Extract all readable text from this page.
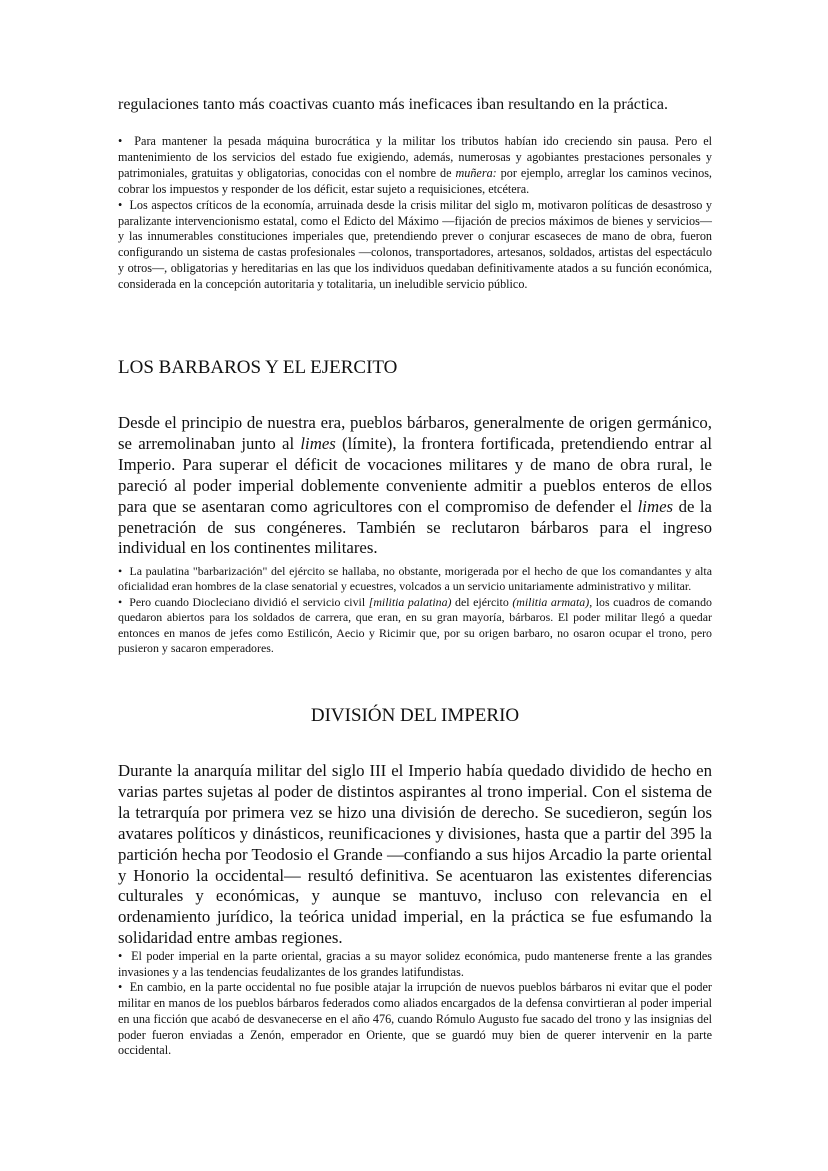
regulaciones tanto más coactivas cuanto más ineficaces iban resultando en la práctica.

• Para mantener la pesada máquina burocrática y la militar los tributos habían ido creciendo sin pausa. Pero el mantenimiento de los servicios del estado fue exigiendo, además, numerosas y agobiantes prestaciones personales y patrimoniales, gratuitas y obligatorias, conocidas con el nombre de muñera: por ejemplo, arreglar los caminos vecinos, cobrar los impuestos y responder de los déficit, estar sujeto a requisiciones, etcétera.

• Los aspectos críticos de la economía, arruinada desde la crisis militar del siglo m, motivaron políticas de desastroso y paralizante intervencionismo estatal, como el Edicto del Máximo —fijación de precios máximos de bienes y servicios— y las innumerables constituciones imperiales que, pretendiendo prever o conjurar escaseces de mano de obra, fueron configurando un sistema de castas profesionales —colonos, transportadores, artesanos, soldados, artistas del espectáculo y otros—, obligatorias y hereditarias en las que los individuos quedaban definitivamente atados a su función económica, considerada en la concepción autoritaria y totalitaria, un ineludible servicio público.

LOS BARBAROS Y EL EJERCITO

Desde el principio de nuestra era, pueblos bárbaros, generalmente de origen germánico, se arremolinaban junto al limes (límite), la frontera fortificada, pretendiendo entrar al Imperio. Para superar el déficit de vocaciones militares y de mano de obra rural, le pareció al poder imperial doblemente conveniente admitir a pueblos enteros de ellos para que se asentaran como agricultores con el compromiso de defender el limes de la penetración de sus congéneres. También se reclutaron bárbaros para el ingreso individual en los continentes militares.

• La paulatina "barbarización" del ejército se hallaba, no obstante, morigerada por el hecho de que los comandantes y alta oficialidad eran hombres de la clase senatorial y ecuestres, volcados a un servicio unitariamente administrativo y militar.

• Pero cuando Diocleciano dividió el servicio civil [militia palatina) del ejército (militia armata), los cuadros de comando quedaron abiertos para los soldados de carrera, que eran, en su gran mayoría, bárbaros. El poder militar llegó a quedar entonces en manos de jefes como Estilicón, Aecio y Ricimir que, por su origen barbaro, no osaron ocupar el trono, pero pusieron y sacaron emperadores.

DIVISIÓN DEL IMPERIO

Durante la anarquía militar del siglo III el Imperio había quedado dividido de hecho en varias partes sujetas al poder de distintos aspirantes al trono imperial. Con el sistema de la tetrarquía por primera vez se hizo una división de derecho. Se sucedieron, según los avatares políticos y dinásticos, reunificaciones y divisiones, hasta que a partir del 395 la partición hecha por Teodosio el Grande —confiando a sus hijos Arcadio la parte oriental y Honorio la occidental— resultó definitiva. Se acentuaron las existentes diferencias culturales y económicas, y aunque se mantuvo, incluso con relevancia en el ordenamiento jurídico, la teórica unidad imperial, en la práctica se fue esfumando la solidaridad entre ambas regiones.

• El poder imperial en la parte oriental, gracias a su mayor solidez económica, pudo mantenerse frente a las grandes invasiones y a las tendencias feudalizantes de los grandes latifundistas.

• En cambio, en la parte occidental no fue posible atajar la irrupción de nuevos pueblos bárbaros ni evitar que el poder militar en manos de los pueblos bárbaros federados como aliados encargados de la defensa convirtieran al poder imperial en una ficción que acabó de desvanecerse en el año 476, cuando Rómulo Augusto fue sacado del trono y las insignias del poder fueron enviadas a Zenón, emperador en Oriente, que se guardó muy bien de querer intervenir en la parte occidental.
